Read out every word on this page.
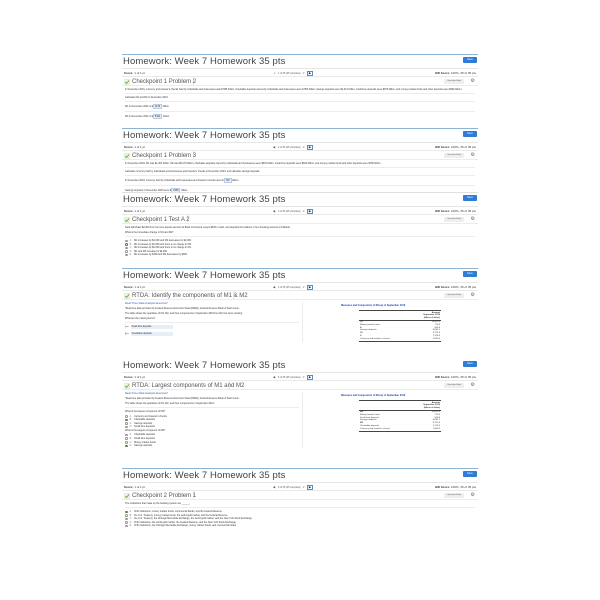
Homework: Week 7 Homework 35 pts	Save
Score: 1 of 1 pt	◀	1 of 35 (35 complete) ▼	▶	HW Score: 100%, 35 of 35 pts
Checkpoint 1 Problem 2	Question Help	⚙

In December 2001, currency and traveler's checks held by individuals and businesses was $ 585 billion; checkable deposits owned by individuals and businesses were $ 550 billion; savings deposits were $2,313 billion; small time deposits were $975 billion; and money market funds and other deposits were $982 billion.

Calculate M1 and M2 in December 2001.

M1 in December 2001 is $ 1135 billion.

M2 in December 2001 is $ 5402 billion.

Homework: Week 7 Homework 35 pts	Save
Score: 1 of 1 pt	◀	2 of 35 (35 complete) ▼	▶	HW Score: 100%, 35 of 35 pts
Checkpoint 1 Problem 3	Question Help	⚙

In December 2003, M1 was $1,304 billion; M2 was $6,079 billion; checkable deposits owned by individuals and businesses were $604 billion; small time deposits were $810 billion; and money market funds and other deposits were $796 billion.

Calculate currency held by individuals and businesses and traveler's checks in December 2003, and calculate savings deposits.

In December 2003, currency held by individuals and businesses and traveler's checks were $ 700 billion.

Savings deposits in December 2003 were $ 3169 billion.

Homework: Week 7 Homework 35 pts	Save
Score: 1 of 1 pt	◀	3 of 35 (35 complete) ▼	▶	HW Score: 100%, 35 of 35 pts
Checkpoint 1 Test A 2	Question Help	⚙

Sara withdraws $2,000 from her time deposit account at Bank of America, keeps $300 in cash, and deposits the balance in her checking account at Citibank.

What is the immediate change in M1 and M2?

A. M1 increases by $2,000 and M2 decreases by $2,000.
B. M1 increases by $2,000 and there is no change in M2.
C. M2 increases by $2,000 and there is no change in M1.
D. M1 and M2 increase by $2,000.
E. M1 increases by $300 and M2 decreases by $300.
Homework: Week 7 Homework 35 pts	Save
Score: 1 of 1 pt	◀	4 of 35 (35 complete) ▼	▶	HW Score: 100%, 35 of 35 pts
RTDA: Identify the components of M1 & M2	Question Help	⚙
Real-Time Data Analysis Exercise*

*Real-time data provided by Federal Reserve Economic Data (FRED), Federal Reserve Bank of Saint Louis.

The table shows the quantities of M1, M2, and their components in September 2019 but with two items missing.

What are the missing items?

A = Small time deposits

B = Checkable deposits

Measures and Components of Money in September 2019
	Amount
September 2019
(billions of dollars)
M2	14,841.8
Money market funds	775.8
A	505.8
Savings deposits	9,830.1
M1	3,721.9
B	2,116.3
Currency and traveler's checks	1,605.6
Homework: Week 7 Homework 35 pts	Save
Score: 1 of 1 pt	◀	5 of 35 (35 complete) ▼	▶	HW Score: 100%, 35 of 35 pts
RTDA: Largest components of M1 and M2	Question Help	⚙
Real-Time Data Analysis Exercise*

*Real-time data provided by Federal Reserve Economic Data (FRED), Federal Reserve Bank of Saint Louis.

The table shows the quantities of M1, M2, and their components in September 2019.

What is the largest component of M1?

A. Currency and traveler's checks
B. Checkable deposits
C. Savings deposits
D. Small time deposits

What is the largest component of M2?

A. Checkable deposits
B. Small time deposits
C. Money market funds
D. Savings deposits
Measures and Components of Money in September 2019
	Amount
September 2019
(billions of dollars)
M2	14,841.8
Money market funds	775.8
Small time deposits	505.8
Savings deposits	9,832.1
M1	3,721.9
Checkable deposits	2,116.3
Currency and traveler's checks	1,605.6
Homework: Week 7 Homework 35 pts	Save
Score: 1 of 1 pt	◀	6 of 35 (35 complete) ▼	▶	HW Score: 100%, 35 of 35 pts
Checkpoint 2 Problem 1	Question Help	⚙

The institutions that make up the banking system are ______.

A. thrift institutions, money market funds, commercial banks, and the Federal Reserve
B. the U.S. Treasury, money market funds, the world gold market, and the Federal Reserve
C. the U.S. Treasury, the Chicago Mercantile Exchange, the world gold market, and the New York Stock Exchange
D. thrift institutions, the world gold market, the Federal Reserve, and the New York Stock Exchange
E. thrift institutions, the Chicago Mercantile Exchange, money market funds, and commercial banks
